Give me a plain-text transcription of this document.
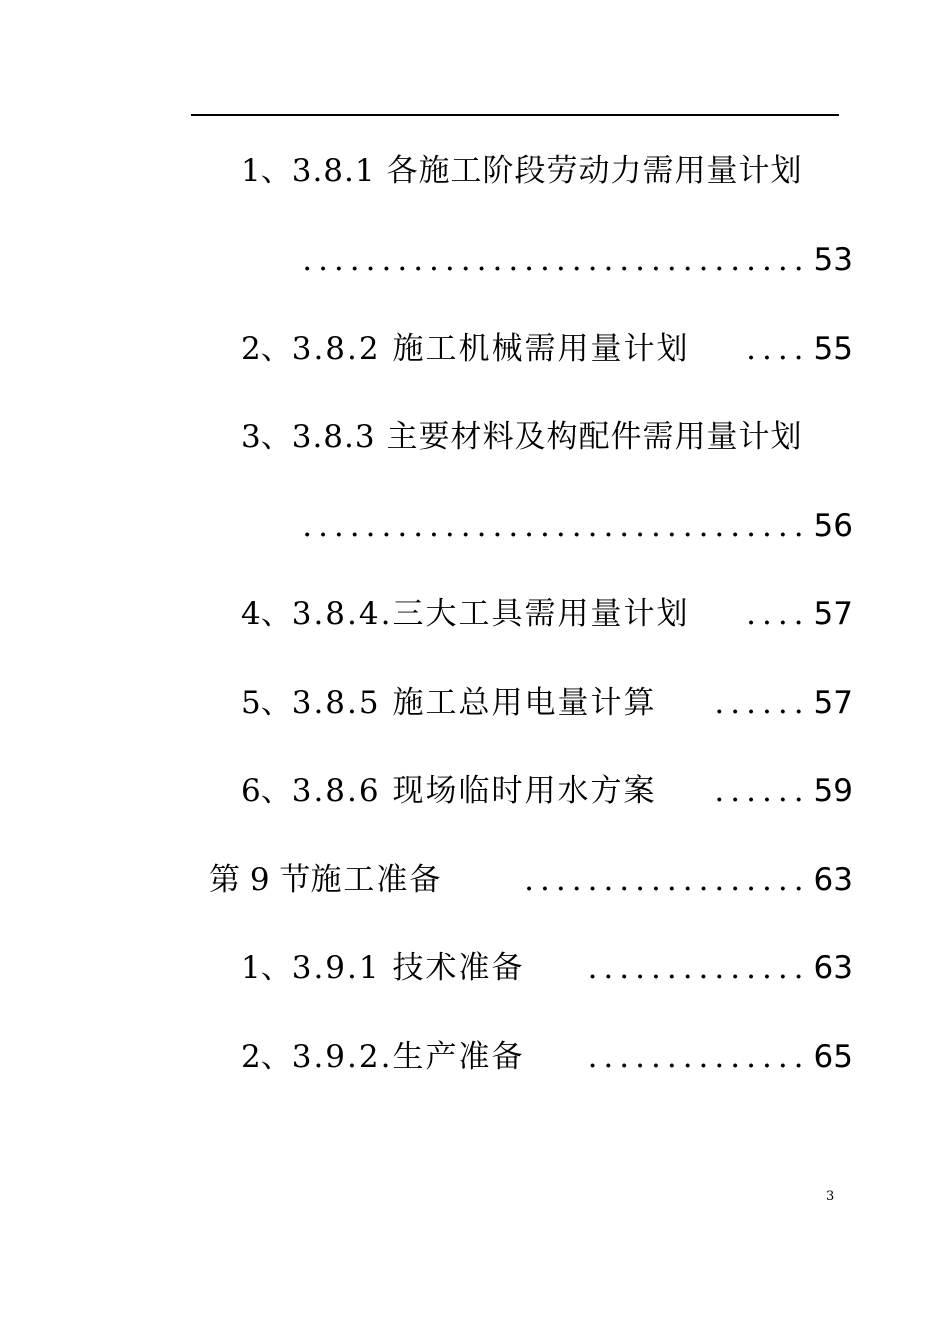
1、 3.8.1 各施工阶段劳动力需用量计划
................................ 53
2、 3.8.2 施工机械需用量计划	.... 55
3、 3.8.3 主要材料及构配件需用量计划
................................ 56
4、 3.8.4.三大工具需用量计划	.... 57
5、 3.8.5 施工总用电量计算	...... 57
6、 3.8.6 现场临时用水方案	...... 59
第 9 节 施工准备	.................. 63
1、 3.9.1 技术准备	.............. 63
2、 3.9.2.生产准备	.............. 65
3
